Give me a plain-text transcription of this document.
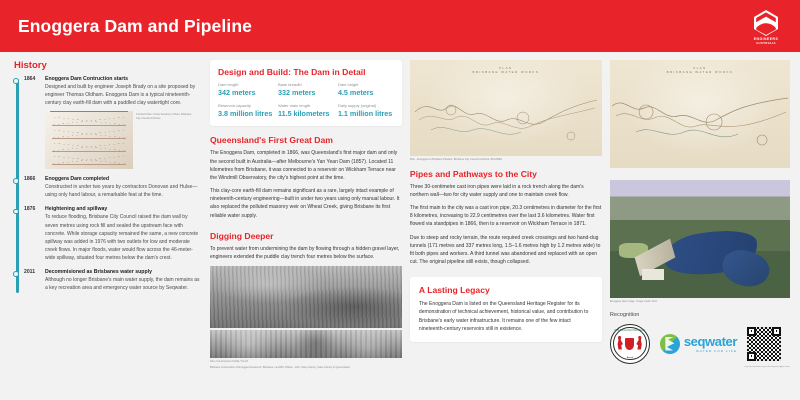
Enoggera Dam and Pipeline
ENGINEERS
AUSTRALIA
History
1864	Enoggera Dam Contruction starts
Designed and built by engineer Joseph Brady on a site proposed by engineer Thomas Oldham. Enoggera Dam is a typical nineteenth-century clay earth-fill dam with a puddled clay watertight core.
Contract Plan: Cross Sections of Dam, Brisbane City Council Archives
1866	Enoggera Dam completed
Constructed in under two years by contractors Donovan and Hulse—using only hand labour, a remarkable feat at the time.
1876	Heightening and spillway
To reduce flooding, Brisbane City Council raised the dam wall by seven metres using rock fill and sealed the upstream face with concrete. While storage capacity remained the same, a new concrete spillway was added in 1976 with two outlets for low and moderate creek flows. In major floods, water would flow across the 46-meter-wide spillway, situated four metres below the dam's crest.
2011	Decommisioned as Brisbanes water supply
Although no longer Brisbane's main water supply, the dam remains as a key recreation area and emergency water source by Seqwater.
Design and Build: The Dam in Detail
Dam length
342 meters
Base breadth
332 meters
Dam height
4.5 meters
Reservoir capacity
3.8 million litres
Water main length
11.5 kilometers
Daily supply (original)
1.1 million litres
Queensland's First Great Dam

The Enoggera Dam, completed in 1866, was Queensland's first major dam and only the second built in Australia—after Melbourne's Yan Yean Dam (1857). Located 11 kilometres from Brisbane, it was connected to a reservoir on Wickham Terrace near the Windmill Observatory, the city's highest point at the time.

This clay-core earth-fill dam remains significant as a rare, largely intact example of nineteenth-century engineering—built in under two years using only manual labour. It also replaced the polluted masonry weir on Wheat Creek, giving Brisbane its first reliable water supply.

Digging Deeper

To prevent water from undermining the dam by flowing through a hidden gravel layer, engineers extended the puddle clay trench four metres below the surface.

Dam Construction Puddle Trench
Brisbane construction of Enoggera Reservoir, Brisbane, ca.1864, Wilson, John Oxley Library, State Library of Queensland
PLAN
BRISBANE WATER WORKS
Plan - Enoggera to Brisbane Pipeline. Brisbane City Council Archives, BCA0580
Pipes and Pathways to the City

Three 30-centimetre cast iron pipes were laid in a rock trench along the dam's northern wall—two for city water supply and one to maintain creek flow.

The first main to the city was a cast iron pipe, 20.3 centimetres in diameter for the first 8 kilometres, increasing to 22.9 centimetres over the last 3.6 kilometres. Water first flowed via standpipes in 1866, then to a reservoir on Wickham Terrace in 1871.

Due to steep and rocky terrain, the route required creek crossings and two hand-dug tunnels (171 metres and 337 metres long, 1.5–1.6 metres high by 1.2 metres wide) to fit both pipes and workers. A third tunnel was abandoned and replaced with an open cut. The original pipeline still exists, though collapsed.

A Lasting Legacy

The Enoggera Dam is listed on the Queensland Heritage Register for its demonstration of technical achievement, historical value, and contribution to Brisbane's early water infrastructure. It remains one of the few intact nineteenth-century reservoirs still in existence.

PLAN
BRISBANE WATER WORKS
Enoggera dam image. Image credit: ACA
Recognition
QUEENSLAND HERITAGE
Award
seqwater
WATER FOR LIFE
engineersaustralia.org.au/heritage/enoggera-dam
